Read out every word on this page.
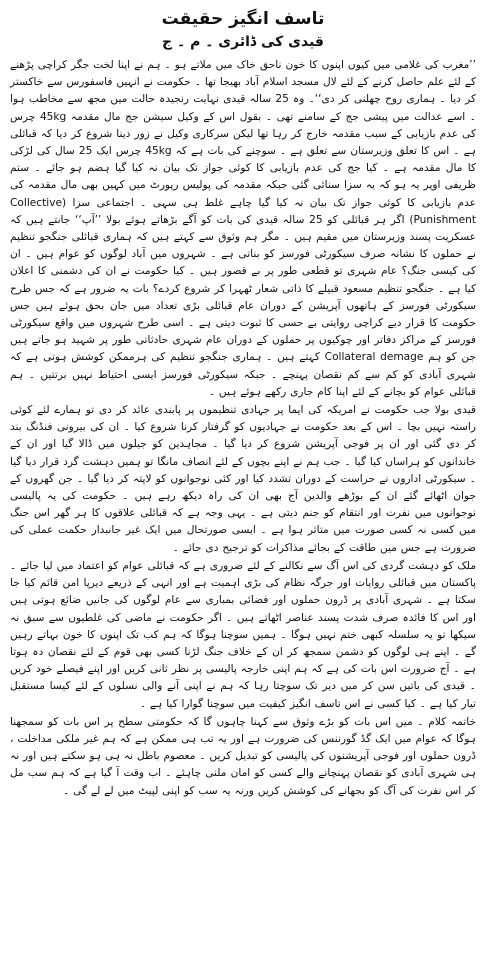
تاسف انگیز حقیقت
قیدی کی ڈائری ۔ م ۔ ج

’’مغرب کی غلامی میں کیوں اپنوں کا خون ناحق خاک میں ملاتے ہو ۔ ہم نے اپنا لخت جگر کراچی پڑھنے کے لئے علم حاصل کرنے کے لئے لال مسجد اسلام آباد بھیجا تھا ۔ حکومت نے انہیں فاسفورس سے خاکستر کر دیا ۔ ہماری روح چھلنی کر دی‘‘۔ وہ 25 سالہ قیدی نہایت رنجیدہ حالت میں مجھ سے مخاطب ہوا ۔ اسے عدالت میں پیشی جج کے سامنے تھی ۔ بقول اس کے وکیل سیشن جج مال مقدمہ 45kg چرس کی عدم بازیابی کے سبب مقدمہ خارج کر رہا تھا لیکن سرکاری وکیل نے زور دینا شروع کر دیا کہ قبائلی ہے ۔ اس کا تعلق وزیرستان سے تعلق ہے ۔ سوچنے کی بات ہے کہ 45kg چرس ایک 25 سال کی لڑکی کا مال مقدمہ ہے ۔ کیا جج کی عدم بازیابی کا کوئی جواز تک بیان نہ کیا گیا ہضم ہو جائے ۔ ستم ظریفی اوپر یہ ہو کہ یہ سزا سنائی گئی جبکہ مقدمہ کی پولیس رپورٹ میں کہیں بھی مال مقدمہ کی عدم بازیابی کا کوئی جواز تک بیان نہ کیا گیا چاہے غلط ہی سہی ۔ اجتماعی سزا (Collective Punishment) اگر ہر قبائلی کو 25 سالہ قیدی کی بات کو آگے بڑھاتے ہوئے بولا ’’آپ‘‘ جانتے ہیں کہ عسکریت پسند وزیرستان میں مقیم ہیں ۔ مگر ہم وثوق سے کہتے ہیں کہ ہماری قبائلی جنگجو تنظیم نے حملوں کا نشانہ صرف سیکورٹی فورسز کو بناتی ہے ۔ شہروں میں آباد لوگوں کو عوام ہیں ۔ ان کی کیسی جنگ؟ عام شہری تو قطعی طور پر بے قصور ہیں ۔ کیا حکومت نے ان کی دشمنی کا اعلان کیا ہے ۔ جنگجو تنظیم مسعود قبیلے کا ذاتی شعار ٹھہرا کر شروع کردے؟ بات یہ ضرور ہے کہ جس طرح سیکورٹی فورسز کے ہاتھوں آپریشن کے دوران عام قبائلی بڑی تعداد میں جان بحق ہوئے ہیں جس حکومت کا قرار دیے کراچی روایتی بے حسی کا ثبوت دیتی ہے ۔ اسی طرح شہروں میں واقع سیکورٹی فورسز کے مراکز دفاتر اور چوکیوں پر حملوں کے دوران عام شہری حادثاتی طور پر شہید ہو جاتے ہیں جن کو ہم Collateral demage کہتے ہیں ۔ ہماری جنگجو تنظیم کی ہرممکن کوشش ہوتی ہے کہ شہری آبادی کو کم سے کم نقصان پہنچے ۔ جبکہ سیکورٹی فورسز ایسی احتیاط نہیں برتتیں ۔ ہم قبائلی عوام کو بچانے کے لئے اپنا کام جاری رکھے ہوئے ہیں ۔

قیدی بولا جب حکومت نے امریکہ کی ایما پر جہادی تنظیموں پر پابندی عائد کر دی تو ہمارے لئے کوئی راستہ نہیں بچا ۔ اس کے بعد حکومت نے جہادیوں کو گرفتار کرنا شروع کیا ۔ ان کی بیرونی فنڈنگ بند کر دی گئی اور ان پر فوجی آپریشن شروع کر دیا گیا ۔ مجاہدین کو جیلوں میں ڈالا گیا اور ان کے خاندانوں کو ہراساں کیا گیا ۔ جب ہم نے اپنے بچوں کے لئے انصاف مانگا تو ہمیں دہشت گرد قرار دیا گیا ۔ سیکورٹی اداروں نے حراست کے دوران تشدد کیا اور کئی نوجوانوں کو لاپتہ کر دیا گیا ۔ جن گھروں کے جوان اٹھائے گئے ان کے بوڑھے والدین آج بھی ان کی راہ دیکھ رہے ہیں ۔ حکومت کی یہ پالیسی نوجوانوں میں نفرت اور انتقام کو جنم دیتی ہے ۔ یہی وجہ ہے کہ قبائلی علاقوں کا ہر گھر اس جنگ میں کسی نہ کسی صورت میں متاثر ہوا ہے ۔ ایسی صورتحال میں ایک غیر جانبدار حکمت عملی کی ضرورت ہے جس میں طاقت کے بجائے مذاکرات کو ترجیح دی جائے ۔

ملک کو دہشت گردی کی اس آگ سے نکالنے کے لئے ضروری ہے کہ قبائلی عوام کو اعتماد میں لیا جائے ۔ پاکستان میں قبائلی روایات اور جرگہ نظام کی بڑی اہمیت ہے اور انہی کے ذریعے دیرپا امن قائم کیا جا سکتا ہے ۔ شہری آبادی پر ڈرون حملوں اور فضائی بمباری سے عام لوگوں کی جانیں ضائع ہوتی ہیں اور اس کا فائدہ صرف شدت پسند عناصر اٹھاتے ہیں ۔ اگر حکومت نے ماضی کی غلطیوں سے سبق نہ سیکھا تو یہ سلسلہ کبھی ختم نہیں ہوگا ۔ ہمیں سوچنا ہوگا کہ ہم کب تک اپنوں کا خون بہاتے رہیں گے ۔ اپنے ہی لوگوں کو دشمن سمجھ کر ان کے خلاف جنگ لڑنا کسی بھی قوم کے لئے نقصان دہ ہوتا ہے ۔ آج ضرورت اس بات کی ہے کہ ہم اپنی خارجہ پالیسی پر نظر ثانی کریں اور اپنے فیصلے خود کریں ۔ قیدی کی باتیں سن کر میں دیر تک سوچتا رہا کہ ہم نے اپنی آنے والی نسلوں کے لئے کیسا مستقبل تیار کیا ہے ۔ کیا کسی نے اس تاسف انگیز کیفیت میں سوچنا گوارا کیا ہے ۔

خاتمہ کلام ۔ میں اس بات کو بڑے وثوق سے کہنا چاہوں گا کہ حکومتی سطح پر اس بات کو سمجھنا ہوگا کہ عوام میں ایک گڈ گورننس کی ضرورت ہے اور یہ تب ہی ممکن ہے کہ ہم غیر ملکی مداخلت ، ڈرون حملوں اور فوجی آپریشنوں کی پالیسی کو تبدیل کریں ۔ معصوم باطل نہ ہی ہو سکتے ہیں اور نہ ہی شہری آبادی کو نقصان پہنچانے والے کسی کو امان ملنی چاہئے ۔ اب وقت آ گیا ہے کہ ہم سب مل کر اس نفرت کی آگ کو بجھانے کی کوشش کریں ورنہ یہ سب کو اپنی لپیٹ میں لے لے گی ۔
